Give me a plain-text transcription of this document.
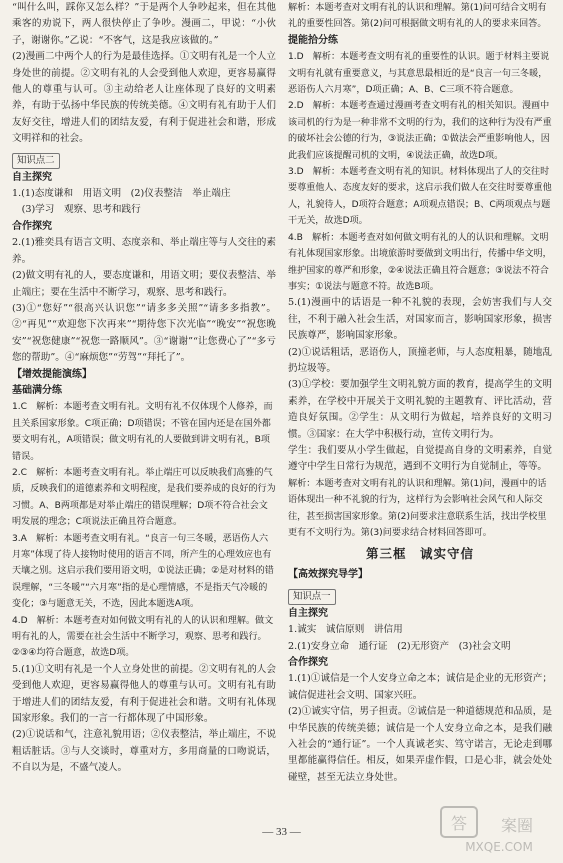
“叫什么叫，踩你又怎么样？”于是两个人争吵起来，但在其他乘客的劝说下，两人很快停止了争吵。漫画二，甲说：“小伙子，谢谢你。”乙说：“不客气，这是我应该做的。”
(2)漫画二中两个人的行为是最佳选择。①文明有礼是一个人立身处世的前提。②文明有礼的人会受到他人欢迎，更容易赢得他人的尊重与认可。③主动给老人让座体现了良好的文明素养，有助于弘扬中华民族的传统美德。④文明有礼有助于人们友好交往，增进人们的团结友爱，有利于促进社会和谐，形成文明祥和的社会。
知识点二
自主探究
1.(1)态度谦和　用语文明　(2)仪表整洁　举止端庄
　(3)学习　观察、思考和践行
合作探究
2.(1)雅奕具有语言文明、态度亲和、举止端庄等与人交往的素养。
(2)做文明有礼的人，要态度谦和，用语文明；要仪表整洁、举止端庄；要在生活中不断学习，观察、思考和践行。
(3)①“您好”“很高兴认识您”“请多多关照”“请多多指教”。②“再见”“欢迎您下次再来”“期待您下次光临”“晚安”“祝您晚安”“祝您健康”“祝您一路顺风”。③“谢谢”“让您费心了”“多亏您的帮助”。④“麻烦您”“劳驾”“拜托了”。
【增效提能演练】
基础满分练
1.C　解析：本题考查文明有礼。文明有礼不仅体现个人修养，而且关系国家形象。C项正确；D项错误；不管在国内还是在国外都要文明有礼，A项错误；做文明有礼的人要做到讲文明有礼，B项错误。
2.C　解析：本题考查文明有礼。举止端庄可以反映我们高雅的气质，反映我们的道德素养和文明程度，是我们要养成的良好的行为习惯。A、B两项都是对举止端庄的错误理解；D项不符合社会文明发展的理念；C项说法正确且符合题意。
3.A　解析：本题考查文明有礼。“良言一句三冬暖，恶语伤人六月寒”体现了待人接物时使用的语言不同，所产生的心理效应也有天壤之别。这启示我们要用语文明，①说法正确；②是对材料的错误理解，“三冬暖”“六月寒”指的是心理情感，不是指天气冷暖的变化；③与题意无关，不选，因此本题选A项。
4.D　解析：本题考查对如何做文明有礼的人的认识和理解。做文明有礼的人，需要在社会生活中不断学习，观察、思考和践行。②③④均符合题意，故选D项。
5.(1)①文明有礼是一个人立身处世的前提。②文明有礼的人会受到他人欢迎，更容易赢得他人的尊重与认可。文明有礼有助于增进人们的团结友爱，有利于促进社会和谐。文明有礼体现国家形象。我们的一言一行都体现了中国形象。
(2)①说话和气，注意礼貌用语；②仪表整洁，举止端庄，不说粗话脏话。③与人交谈时，尊重对方，多用商量的口吻说话，不自以为是，不盛气凌人。
解析：本题考查对文明有礼的认识和理解。第(1)问可结合文明有礼的重要性回答。第(2)问可根据做文明有礼的人的要求来回答。
提能拾分练
1.D　解析：本题考查文明有礼的重要性的认识。题于材料主要说文明有礼就有重要意义，与其意思最相近的是“良言一句三冬暖，恶语伤人六月寒”，D项正确；A、B、C三项不符合题意。
2.D　解析：本题考查通过漫画考查文明有礼的相关知识。漫画中该司机的行为是一种非常不文明的行为，我们的这种行为没有严重的破坏社会公德的行为，③说法正确；①做法会严重影响他人，因此我们应该提醒司机的文明，④说法正确，故选D项。
3.D　解析：本题考查文明有礼的知识。材料体现出了人的交往时要尊重他人、态度友好的要求，这启示我们做人在交往时要尊重他人，礼貌待人，D项符合题意；A项观点错误；B、C两项观点与题干无关，故选D项。
4.B　解析：本题考查对如何做文明有礼的人的认识和理解。文明有礼体现国家形象。出境旅游时要做到文明出行，传播中华文明，维护国家的尊严和形象，②④说法正确且符合题意；③说法不符合事实；①说法与题意不符。故选B项。
5.(1)漫画中的话语是一种不礼貌的表现，会妨害我们与人交往，不利于融入社会生活，对国家而言，影响国家形象，损害民族尊严，影响国家形象。
(2)①说话粗话，恶语伤人，顶撞老师，与人态度粗暴，随地乱扔垃圾等。
(3)①学校：要加强学生文明礼貌方面的教育，提高学生的文明素养，在学校中开展关于文明礼貌的主题教育、评比活动，营造良好氛围。②学生：从文明行为做起，培养良好的文明习惯。③国家：在大学中积极行动，宣传文明行为。
学生：我们要从小学生做起，自觉提高自身的文明素养，自觉遵守中学生日常行为规范，遇到不文明行为自觉制止，等等。
解析：本题考查对文明有礼的认识和理解。第(1)问，漫画中的话语体现出一种不礼貌的行为，这样行为会影响社会风气和人际交往，甚至损害国家形象。第(2)问要求注意联系生活，找出学校里更有不文明行为。第(3)问要求结合材料回答即可。
第三框　诚实守信
【高效探究导学】
知识点一
自主探究
1.诚实　诚信原则　讲信用
2.(1)安身立命　通行证　(2)无形资产　(3)社会文明
合作探究
1.(1)①诚信是一个人安身立命之本；诚信是企业的无形资产；诚信促进社会文明、国家兴旺。
(2)①诚实守信，男子担责。②诚信是一种道德规范和品质，是中华民族的传统美德；诚信是一个人安身立命之本，是我们融入社会的“通行证”。一个人真诚老实、笃守诺言，无论走到哪里都能赢得信任。相反，如果弄虚作假，口是心非，就会处处碰壁，甚至无法立身处世。
— 33 —	答 案圈
MXQE.COM
